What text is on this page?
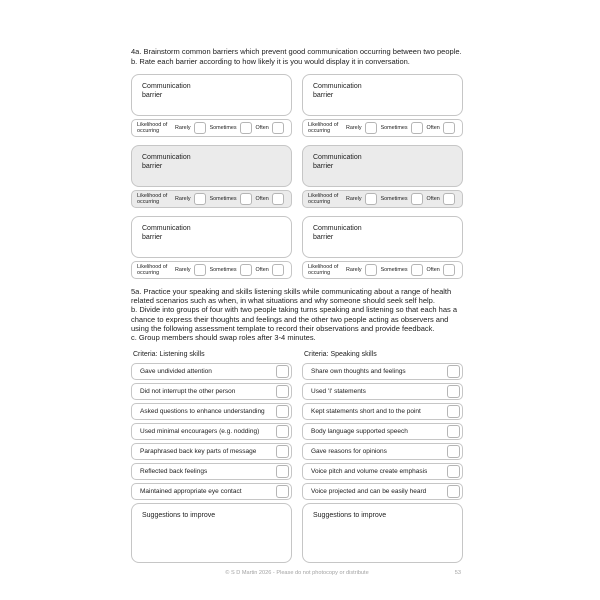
4a. Brainstorm common barriers which prevent good communication occurring between two people.
b. Rate each barrier according to how likely it is you would display it in conversation.

Communication barrier
Likelihood of occurring	Rarely	Sometimes	Often
Communication barrier
Likelihood of occurring	Rarely	Sometimes	Often
Communication barrier
Likelihood of occurring	Rarely	Sometimes	Often
Communication barrier
Likelihood of occurring	Rarely	Sometimes	Often
Communication barrier
Likelihood of occurring	Rarely	Sometimes	Often
Communication barrier
Likelihood of occurring	Rarely	Sometimes	Often

5a. Practice your speaking and skills listening skills while communicating about a range of health related scenarios such as when, in what situations and why someone should seek self help.
b. Divide into groups of four with two people taking turns speaking and listening so that each has a chance to express their thoughts and feelings and the other two people acting as observers and using the following assessment template to record their observations and provide feedback.
c. Group members should swap roles after 3-4 minutes.

Criteria: Listening skills
Gave undivided attention
Did not interrupt the other person
Asked questions to enhance understanding
Used minimal encouragers (e.g. nodding)
Paraphrased back key parts of message
Reflected back feelings
Maintained appropriate eye contact
Suggestions to improve
Criteria: Speaking skills
Share own thoughts and feelings
Used 'I' statements
Kept statements short and to the point
Body language supported speech
Gave reasons for opinions
Voice pitch and volume create emphasis
Voice projected and can be easily heard
Suggestions to improve
© S D Martin 2026 - Please do not photocopy or distribute	53
